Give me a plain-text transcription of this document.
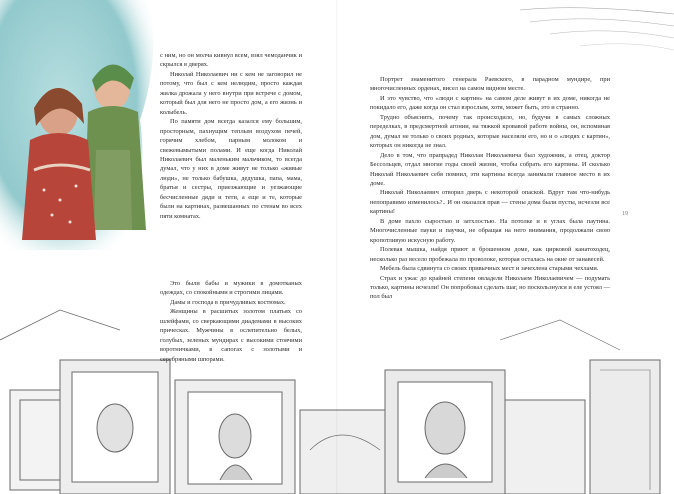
с ним, но он молча кивнул всем, взял чемоданчик и скрылся в дверях.

Николай Николаевич ни с кем не заговорил не потому, что был с кем нелюдим, просто каждая жилка дрожала у него внутри при встрече с домом, который был для него не просто дом, а его жизнь и колыбель.

По памяти дом всегда казался ему большим, просторным, пахнущим теплым воздухом печей, горячим хлебом, парным молоком и свежевымытыми полами. И еще когда Николай Николаевич был маленьким мальчиком, то всегда думал, что у них в доме живут не только «живые люди», не только бабушка, дедушка, папа, мама, братья и сестры, приезжающие и уезжающие бесчисленные дяди и тети, а еще и те, которые были на картинах, развешанных по стенам во всех пяти комнатах.

Это были бабы и мужики в домотканых одеждах, со спокойными и строгими лицами.

Дамы и господа в причудливых костюмах.

Женщины в расшитых золотом платьях со шлейфами, со сверкающими диадемами в высоких прическах. Мужчины в ослепительно белых, голубых, зеленых мундирах с высокими стоячими воротничками, в сапогах с золотыми и серебряными шпорами.

Портрет знаменитого генерала Раевского, в парадном мундире, при многочисленных орденах, висел на самом видном месте.

И это чувство, что «люди с картин» на самом деле живут в их доме, никогда не покидало его, даже когда он стал взрослым, хотя, может быть, это и странно.

Трудно объяснить, почему так происходило, но, будучи в самых сложных переделках, в предсмертной агонии, на тяжкой кровавой работе войны, он, вспоминая дом, думал не только о своих родных, которые населяли его, но и о «людях с картин», которых он никогда не знал.

Дело в том, что прапрадед Николая Николаевича был художник, а отец, доктор Бессольцев, отдал многие годы своей жизни, чтобы собрать его картины. И сколько Николай Николаевич себя помнил, эти картины всегда занимали главное место в их доме.

Николай Николаевич отворил дверь с некоторой опаской. Вдруг там что-нибудь непоправимо изменилось?.. И он оказался прав — стены дома были пусты, исчезли все картины!

В доме пахло сыростью и затхлостью. На потолке и в углах была паутина. Многочисленные пауки и паучки, не обращая на него внимания, продолжали свою кропотливую искусную работу.

Полевая мышка, найдя приют в брошенном доме, как цирковой канатоходец, несколько раз весело пробежала по проволоке, которая осталась на окне от занавесей.

Мебель была сдвинута со своих привычных мест и зачехлена старыми чехлами.

Страх и ужас до крайней степени овладели Николаем Николаевичем — подумать только, картины исчезли! Он попробовал сделать шаг, но поскользнулся и еле устоял — пол был

19
